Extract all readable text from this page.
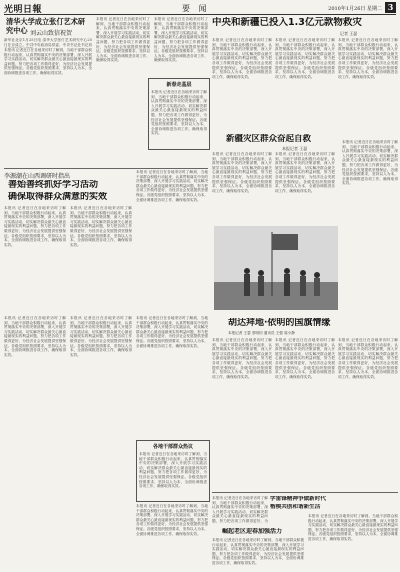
光明日報	要 闻	2010年1月26日 星期二 3
清华大学成立张仃艺术研究中心 刘云山致信祝贺
新华社北京1月25日电 清华大学张仃艺术研究中心25日在京成立。中共中央政治局常委、中央书记处书记刘
本报讯 记者近日在各地采访时了解到，当地干部群众积极行动起来，认真贯彻落实中央的决策部署，深入开展学习实践活动，切实解决群众最关心最直接最现实的利益问题，努力把各项工作做得更好，为经济社会发展提供坚强保证。各级党组织按照要求，坚持以人为本，全面协调推进各项工作，确保取得实效。
本报讯 记者近日在各地采访时了解到，当地干部群众积极行动起来，认真贯彻落实中央的决策部署，深入开展学习实践活动，切实解决群众最关心最直接最现实的利益问题，努力把各项工作做得更好，为经济社会发展提供坚强保证。各级党组织按照要求，坚持以人为本，全面协调推进各项工作，确保取得实效。
本报讯 记者近日在各地采访时了解到，当地干部群众积极行动起来，认真贯彻落实中央的决策部署，深入开展学习实践活动，切实解决群众最关心最直接最现实的利益问题，努力把各项工作做得更好，为经济社会发展提供坚强保证。各级党组织按照要求，坚持以人为本，全面协调推进各项工作，确保取得实效。
李源潮在山西调研时指出
善始善终抓好学习活动
确保取得群众满意的实效
本报讯 记者近日在各地采访时了解到，当地干部群众积极行动起来，认真贯彻落实中央的决策部署，深入开展学习实践活动，切实解决群众最关心最直接最现实的利益问题，努力把各项工作做得更好，为经济社会发展提供坚强保证。各级党组织按照要求，坚持以人为本，全面协调推进各项工作，确保取得实效。
本报讯 记者近日在各地采访时了解到，当地干部群众积极行动起来，认真贯彻落实中央的决策部署，深入开展学习实践活动，切实解决群众最关心最直接最现实的利益问题，努力把各项工作做得更好，为经济社会发展提供坚强保证。各级党组织按照要求，坚持以人为本，全面协调推进各项工作，确保取得实效。
本报讯 记者近日在各地采访时了解到，当地干部群众积极行动起来，认真贯彻落实中央的决策部署，深入开展学习实践活动，切实解决群众最关心最直接最现实的利益问题，努力把各项工作做得更好，为经济社会发展提供坚强保证。各级党组织按照要求，坚持以人为本，全面协调推进各项工作，确保取得实效。
新春走基层
本报讯 记者近日在各地采访时了解到，当地干部群众积极行动起来，认真贯彻落实中央的决策部署，深入开展学习实践活动，切实解决群众最关心最直接最现实的利益问题，努力把各项工作做得更好，为经济社会发展提供坚强保证。各级党组织按照要求，坚持以人为本，全面协调推进各项工作，确保取得实效。
本报讯 记者近日在各地采访时了解到，当地干部群众积极行动起来，认真贯彻落实中央的决策部署，深入开展学习实践活动，切实解决群众最关心最直接最现实的利益问题，努力把各项工作做得更好，为经济社会发展提供坚强保证。各级党组织按照要求，坚持以人为本，全面协调推进各项工作，确保取得实效。
本报讯 记者近日在各地采访时了解到，当地干部群众积极行动起来，认真贯彻落实中央的决策部署，深入开展学习实践活动，切实解决群众最关心最直接最现实的利益问题，努力把各项工作做得更好，为经济社会发展提供坚强保证。各级党组织按照要求，坚持以人为本，全面协调推进各项工作，确保取得实效。
本报讯 记者近日在各地采访时了解到，当地干部群众积极行动起来，认真贯彻落实中央的决策部署，深入开展学习实践活动，切实解决群众最关心最直接最现实的利益问题，努力把各项工作做得更好，为经济社会发展提供坚强保证。各级党组织按照要求，坚持以人为本，全面协调推进各项工作，确保取得实效。
各地干部群众热议
本报讯 记者近日在各地采访时了解到，当地干部群众积极行动起来，认真贯彻落实中央的决策部署，深入开展学习实践活动，切实解决群众最关心最直接最现实的利益问题，努力把各项工作做得更好，为经济社会发展提供坚强保证。各级党组织按照要求，坚持以人为本，全面协调推进各项工作，确保取得实效。
本报讯 记者近日在各地采访时了解到，当地干部群众积极行动起来，认真贯彻落实中央的决策部署，深入开展学习实践活动，切实解决群众最关心最直接最现实的利益问题，努力把各项工作做得更好，为经济社会发展提供坚强保证。各级党组织按照要求，坚持以人为本，全面协调推进各项工作，确保取得实效。
中央和新疆已投入1.3亿元款物救灾
记者 王瑟
本报讯 记者近日在各地采访时了解到，当地干部群众积极行动起来，认真贯彻落实中央的决策部署，深入开展学习实践活动，切实解决群众最关心最直接最现实的利益问题，努力把各项工作做得更好，为经济社会发展提供坚强保证。各级党组织按照要求，坚持以人为本，全面协调推进各项工作，确保取得实效。
本报讯 记者近日在各地采访时了解到，当地干部群众积极行动起来，认真贯彻落实中央的决策部署，深入开展学习实践活动，切实解决群众最关心最直接最现实的利益问题，努力把各项工作做得更好，为经济社会发展提供坚强保证。各级党组织按照要求，坚持以人为本，全面协调推进各项工作，确保取得实效。
本报讯 记者近日在各地采访时了解到，当地干部群众积极行动起来，认真贯彻落实中央的决策部署，深入开展学习实践活动，切实解决群众最关心最直接最现实的利益问题，努力把各项工作做得更好，为经济社会发展提供坚强保证。各级党组织按照要求，坚持以人为本，全面协调推进各项工作，确保取得实效。
新疆灾区群众奋起自救
本报记者 王瑟
本报讯 记者近日在各地采访时了解到，当地干部群众积极行动起来，认真贯彻落实中央的决策部署，深入开展学习实践活动，切实解决群众最关心最直接最现实的利益问题，努力把各项工作做得更好，为经济社会发展提供坚强保证。各级党组织按照要求，坚持以人为本，全面协调推进各项工作，确保取得实效。
本报讯 记者近日在各地采访时了解到，当地干部群众积极行动起来，认真贯彻落实中央的决策部署，深入开展学习实践活动，切实解决群众最关心最直接最现实的利益问题，努力把各项工作做得更好，为经济社会发展提供坚强保证。各级党组织按照要求，坚持以人为本，全面协调推进各项工作，确保取得实效。
本报讯 记者近日在各地采访时了解到，当地干部群众积极行动起来，认真贯彻落实中央的决策部署，深入开展学习实践活动，切实解决群众最关心最直接最现实的利益问题，努力把各项工作做得更好，为经济社会发展提供坚强保证。各级党组织按照要求，坚持以人为本，全面协调推进各项工作，确保取得实效。
胡达拜地·依明的国旗情缘
本报记者 王瑟 蔡明钧 通讯员 王强 周小静
本报讯 记者近日在各地采访时了解到，当地干部群众积极行动起来，认真贯彻落实中央的决策部署，深入开展学习实践活动，切实解决群众最关心最直接最现实的利益问题，努力把各项工作做得更好，为经济社会发展提供坚强保证。各级党组织按照要求，坚持以人为本，全面协调推进各项工作，确保取得实效。
本报讯 记者近日在各地采访时了解到，当地干部群众积极行动起来，认真贯彻落实中央的决策部署，深入开展学习实践活动，切实解决群众最关心最直接最现实的利益问题，努力把各项工作做得更好，为经济社会发展提供坚强保证。各级党组织按照要求，坚持以人为本，全面协调推进各项工作，确保取得实效。
本报讯 记者近日在各地采访时了解到，当地干部群众积极行动起来，认真贯彻落实中央的决策部署，深入开展学习实践活动，切实解决群众最关心最直接最现实的利益问题，努力把各项工作做得更好，为经济社会发展提供坚强保证。各级党组织按照要求，坚持以人为本，全面协调推进各项工作，确保取得实效。
学雷锋精神争做新时代
楷模共创和谐新生活
本报讯 记者近日在各地采访时了解到，当地干部群众积极行动起来，认真贯彻落实中央的决策部署，深入开展学习实践活动，切实解决群众最关心最直接最现实的利益问题，努力把各项工作做得更好，为
崛起老区迎春加强活力
本报讯 记者近日在各地采访时了解到，当地干部群众积极行动起来，认真贯彻落实中央的决策部署，深入开展学习实践活动，切实解决群众最关心最直接最现实的利益问题，努力把各项工作做得更好，为经济社会发展提供坚强保证。各级党组织按照要求，坚持以人为本，全面协调推进各项工作，确保取得实效。
本报讯 记者近日在各地采访时了解到，当地干部群众积极行动起来，认真贯彻落实中央的决策部署，深入开展学习实践活动，切实解决群众最关心最直接最现实的利益问题，努力把各项工作做得更好，为经济社会发展提供坚强保证。各级党组织按照要求，坚持以人为本，全面协调推进各项工作，确保取得实效。
